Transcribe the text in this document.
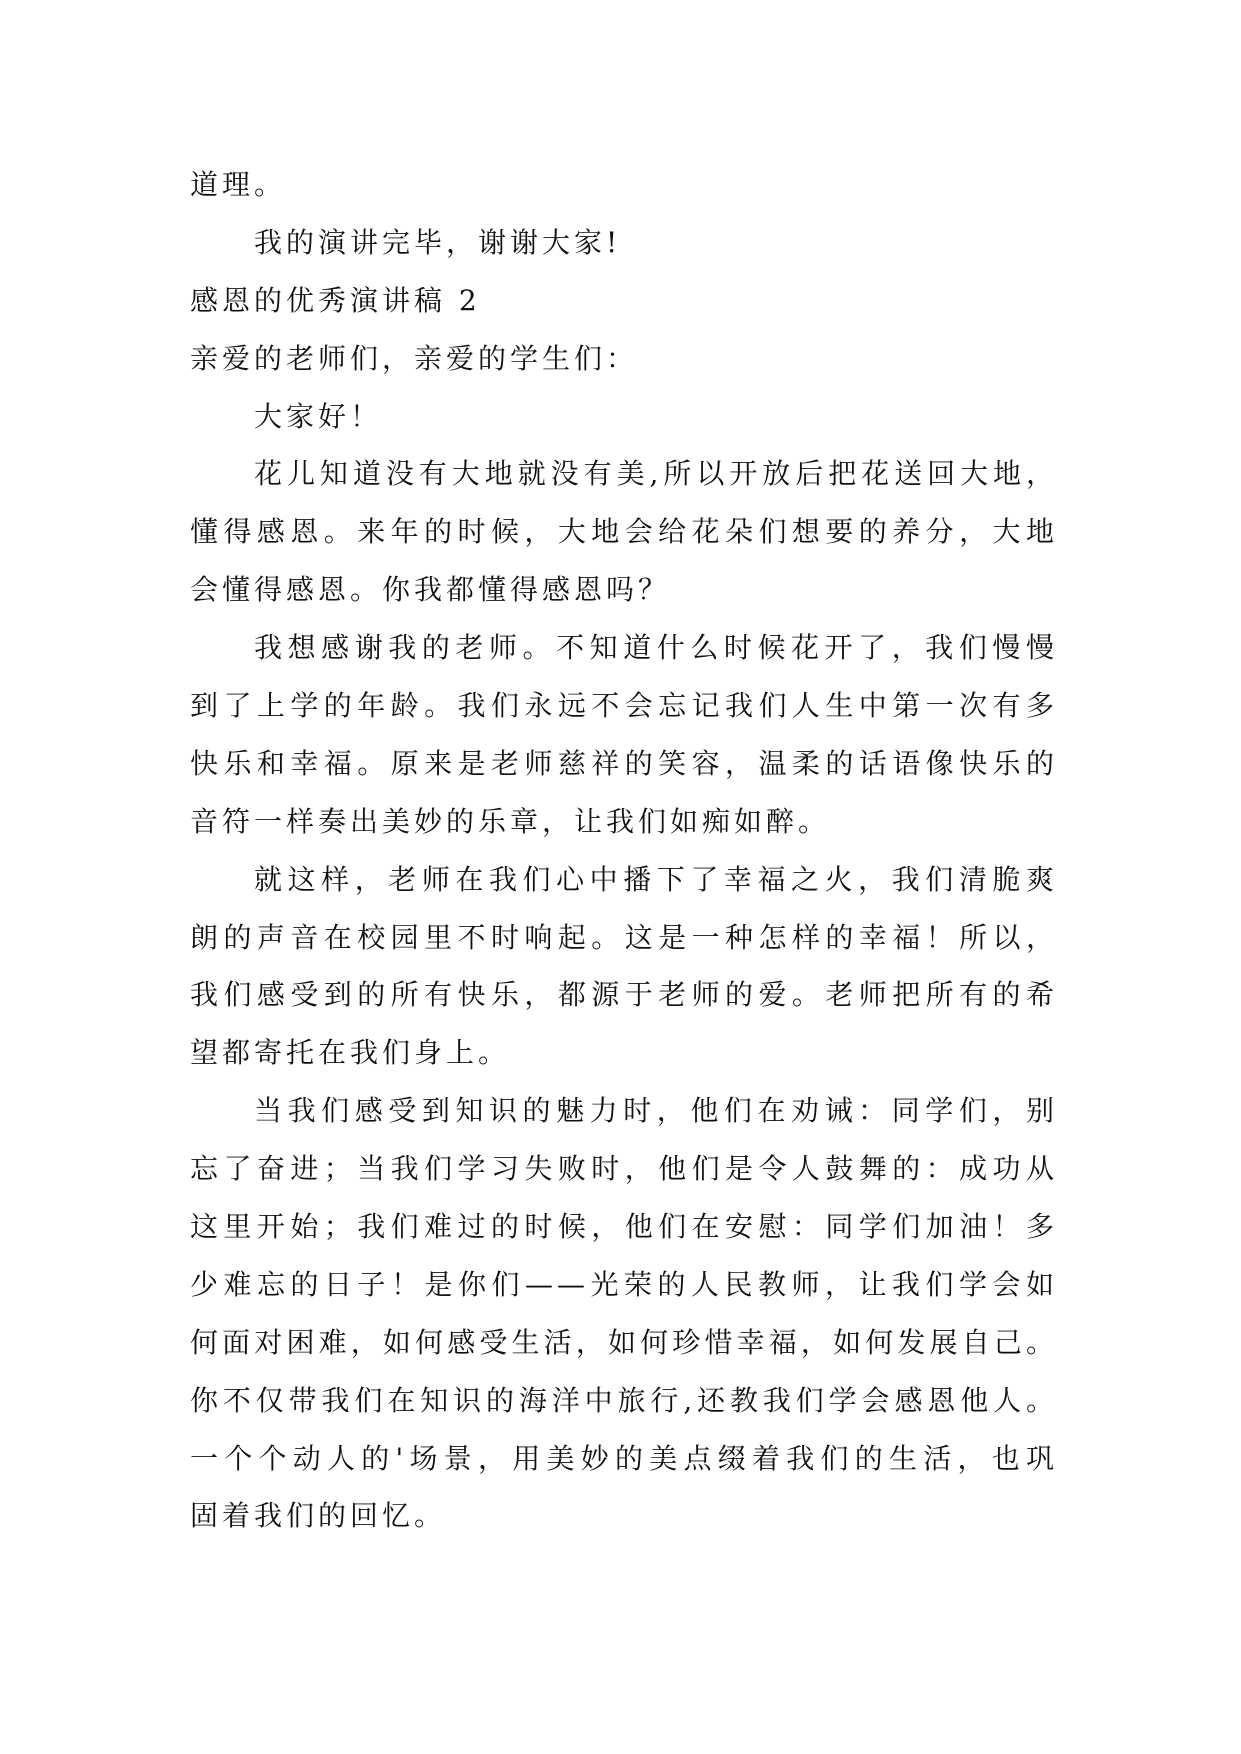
道理。
我的演讲完毕，谢谢大家!
感恩的优秀演讲稿 2
亲爱的老师们，亲爱的学生们：
大家好！
花儿知道没有大地就没有美,所以开放后把花送回大地，
懂得感恩。来年的时候，大地会给花朵们想要的养分，大地
会懂得感恩。你我都懂得感恩吗？
我想感谢我的老师。不知道什么时候花开了，我们慢慢
到了上学的年龄。我们永远不会忘记我们人生中第一次有多
快乐和幸福。原来是老师慈祥的笑容，温柔的话语像快乐的
音符一样奏出美妙的乐章，让我们如痴如醉。
就这样，老师在我们心中播下了幸福之火，我们清脆爽
朗的声音在校园里不时响起。这是一种怎样的幸福！所以，
我们感受到的所有快乐，都源于老师的爱。老师把所有的希
望都寄托在我们身上。
当我们感受到知识的魅力时，他们在劝诫：同学们，别
忘了奋进；当我们学习失败时，他们是令人鼓舞的：成功从
这里开始；我们难过的时候，他们在安慰：同学们加油！多
少难忘的日子！是你们——光荣的人民教师，让我们学会如
何面对困难，如何感受生活，如何珍惜幸福，如何发展自己。
你不仅带我们在知识的海洋中旅行,还教我们学会感恩他人。
一个个动人的'场景，用美妙的美点缀着我们的生活，也巩
固着我们的回忆。
